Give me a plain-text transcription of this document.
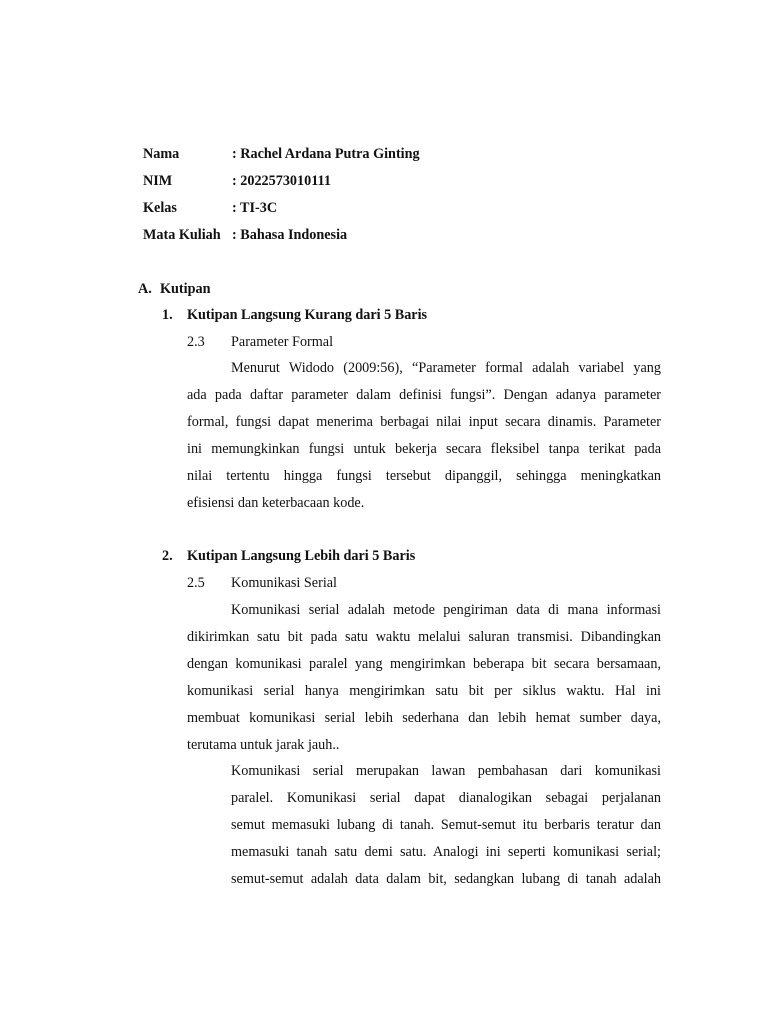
Nama	: Rachel Ardana Putra Ginting
NIM	: 2022573010111
Kelas	: TI-3C
Mata Kuliah : Bahasa Indonesia
A. Kutipan
1. Kutipan Langsung Kurang dari 5 Baris
2.3 Parameter Formal
Menurut Widodo (2009:56), “Parameter formal adalah variabel yang
ada pada daftar parameter dalam definisi fungsi”. Dengan adanya parameter
formal, fungsi dapat menerima berbagai nilai input secara dinamis. Parameter
ini memungkinkan fungsi untuk bekerja secara fleksibel tanpa terikat pada
nilai tertentu hingga fungsi tersebut dipanggil, sehingga meningkatkan
efisiensi dan keterbacaan kode.
2. Kutipan Langsung Lebih dari 5 Baris
2.5 Komunikasi Serial
Komunikasi serial adalah metode pengiriman data di mana informasi
dikirimkan satu bit pada satu waktu melalui saluran transmisi. Dibandingkan
dengan komunikasi paralel yang mengirimkan beberapa bit secara bersamaan,
komunikasi serial hanya mengirimkan satu bit per siklus waktu. Hal ini
membuat komunikasi serial lebih sederhana dan lebih hemat sumber daya,
terutama untuk jarak jauh..
Komunikasi serial merupakan lawan pembahasan dari komunikasi
paralel. Komunikasi serial dapat dianalogikan sebagai perjalanan
semut memasuki lubang di tanah. Semut-semut itu berbaris teratur dan
memasuki tanah satu demi satu. Analogi ini seperti komunikasi serial;
semut-semut adalah data dalam bit, sedangkan lubang di tanah adalah
